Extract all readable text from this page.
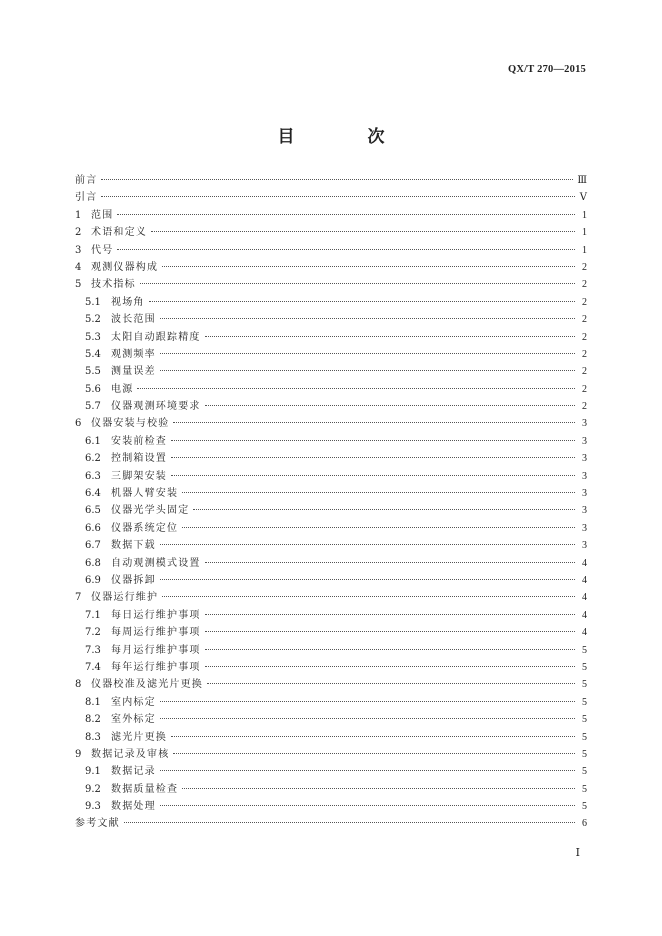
QX/T 270—2015
目　次
前言	Ⅲ
引言	Ⅴ
1 范围	1
2 术语和定义	1
3 代号	1
4 观测仪器构成	2
5 技术指标	2
5.1	视场角	2
5.2	波长范围	2
5.3	太阳自动跟踪精度	2
5.4	观测频率	2
5.5	测量误差	2
5.6	电源	2
5.7	仪器观测环境要求	2
6 仪器安装与校验	3
6.1	安装前检查	3
6.2	控制箱设置	3
6.3	三脚架安装	3
6.4	机器人臂安装	3
6.5	仪器光学头固定	3
6.6	仪器系统定位	3
6.7	数据下载	3
6.8	自动观测模式设置	4
6.9	仪器拆卸	4
7 仪器运行维护	4
7.1	每日运行维护事项	4
7.2	每周运行维护事项	4
7.3	每月运行维护事项	5
7.4	每年运行维护事项	5
8 仪器校准及滤光片更换	5
8.1	室内标定	5
8.2	室外标定	5
8.3	滤光片更换	5
9 数据记录及审核	5
9.1	数据记录	5
9.2	数据质量检查	5
9.3	数据处理	5
参考文献	6
Ⅰ
